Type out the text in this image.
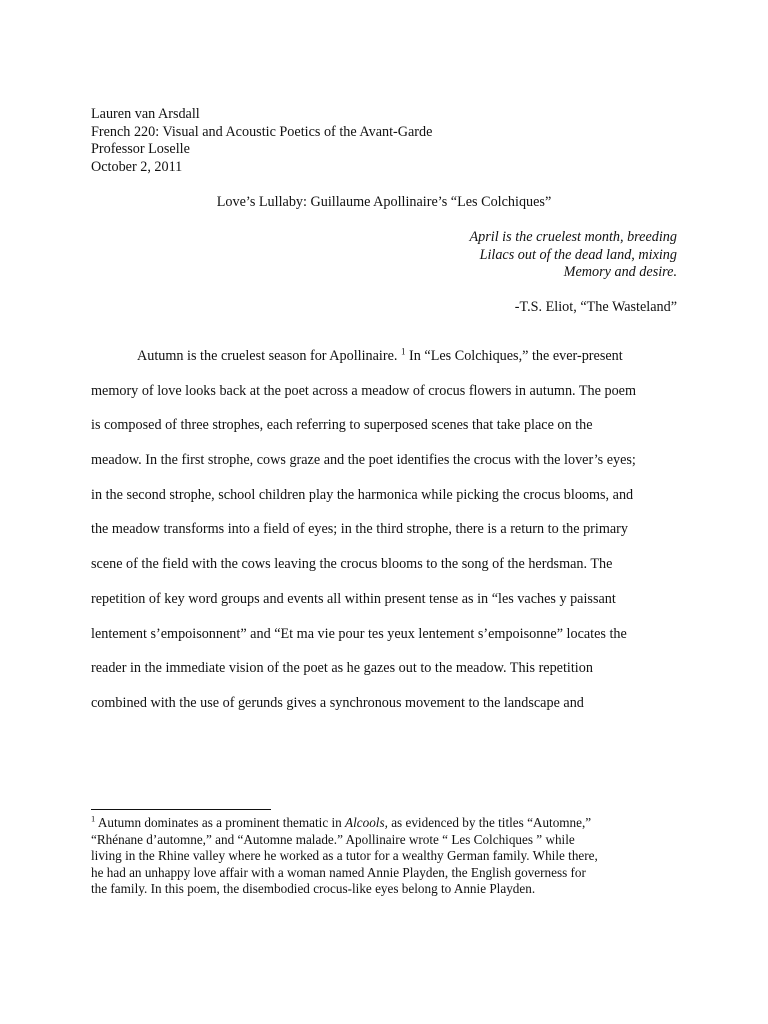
Lauren van Arsdall
French 220: Visual and Acoustic Poetics of the Avant-Garde
Professor Loselle
October 2, 2011
Love’s Lullaby: Guillaume Apollinaire’s “Les Colchiques”
April is the cruelest month, breeding
Lilacs out of the dead land, mixing
Memory and desire.
-T.S. Eliot, “The Wasteland”
Autumn is the cruelest season for Apollinaire. $^1$ In “Les Colchiques,” the ever-present
memory of love looks back at the poet across a meadow of crocus flowers in autumn. The poem
is composed of three strophes, each referring to superposed scenes that take place on the
meadow. In the first strophe, cows graze and the poet identifies the crocus with the lover’s eyes;
in the second strophe, school children play the harmonica while picking the crocus blooms, and
the meadow transforms into a field of eyes; in the third strophe, there is a return to the primary
scene of the field with the cows leaving the crocus blooms to the song of the herdsman. The
repetition of key word groups and events all within present tense as in “les vaches y paissant
lentement s’empoisonnent” and “Et ma vie pour tes yeux lentement s’empoisonne” locates the
reader in the immediate vision of the poet as he gazes out to the meadow. This repetition
combined with the use of gerunds gives a synchronous movement to the landscape and
$^1$ Autumn dominates as a prominent thematic in Alcools, as evidenced by the titles “Automne,”
“Rhénane d’automne,” and “Automne malade.” Apollinaire wrote “ Les Colchiques ” while
living in the Rhine valley where he worked as a tutor for a wealthy German family. While there,
he had an unhappy love affair with a woman named Annie Playden, the English governess for
the family. In this poem, the disembodied crocus-like eyes belong to Annie Playden.
